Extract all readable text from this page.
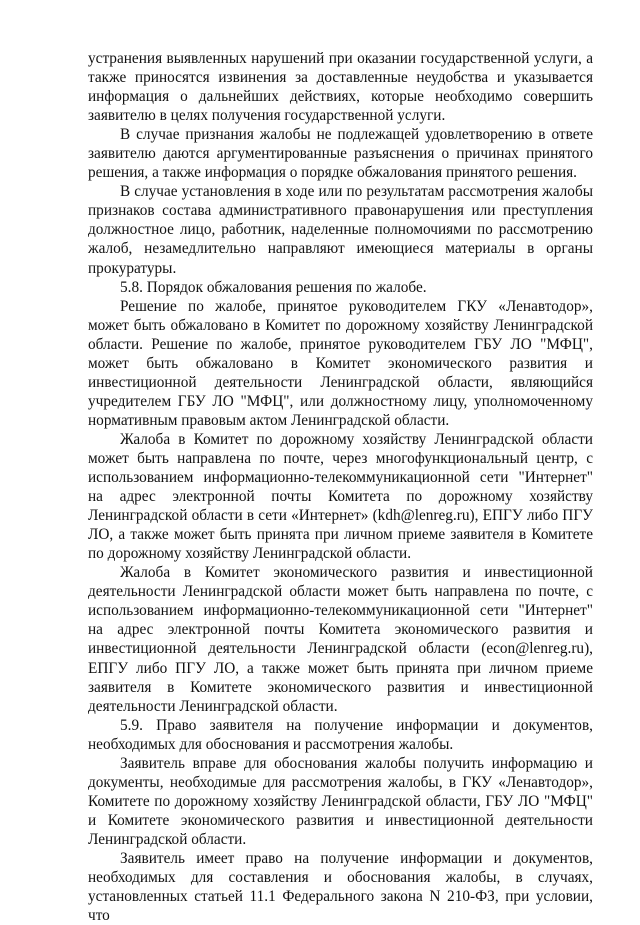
устранения выявленных нарушений при оказании государственной услуги, а также приносятся извинения за доставленные неудобства и указывается информация о дальнейших действиях, которые необходимо совершить заявителю в целях получения государственной услуги.

В случае признания жалобы не подлежащей удовлетворению в ответе заявителю даются аргументированные разъяснения о причинах принятого решения, а также информация о порядке обжалования принятого решения.

В случае установления в ходе или по результатам рассмотрения жалобы признаков состава административного правонарушения или преступления должностное лицо, работник, наделенные полномочиями по рассмотрению жалоб, незамедлительно направляют имеющиеся материалы в органы прокуратуры.

5.8. Порядок обжалования решения по жалобе.

Решение по жалобе, принятое руководителем ГКУ «Ленавтодор», может быть обжаловано в Комитет по дорожному хозяйству Ленинградской области. Решение по жалобе, принятое руководителем ГБУ ЛО "МФЦ", может быть обжаловано в Комитет экономического развития и инвестиционной деятельности Ленинградской области, являющийся учредителем ГБУ ЛО "МФЦ", или должностному лицу, уполномоченному нормативным правовым актом Ленинградской области.

Жалоба в Комитет по дорожному хозяйству Ленинградской области может быть направлена по почте, через многофункциональный центр, с использованием информационно-телекоммуникационной сети "Интернет" на адрес электронной почты Комитета по дорожному хозяйству Ленинградской области в сети «Интернет» (kdh@lenreg.ru), ЕПГУ либо ПГУ ЛО, а также может быть принята при личном приеме заявителя в Комитете по дорожному хозяйству Ленинградской области.

Жалоба в Комитет экономического развития и инвестиционной деятельности Ленинградской области может быть направлена по почте, с использованием информационно-телекоммуникационной сети "Интернет" на адрес электронной почты Комитета экономического развития и инвестиционной деятельности Ленинградской области (econ@lenreg.ru), ЕПГУ либо ПГУ ЛО, а также может быть принята при личном приеме заявителя в Комитете экономического развития и инвестиционной деятельности Ленинградской области.

5.9. Право заявителя на получение информации и документов, необходимых для обоснования и рассмотрения жалобы.

Заявитель вправе для обоснования жалобы получить информацию и документы, необходимые для рассмотрения жалобы, в ГКУ «Ленавтодор», Комитете по дорожному хозяйству Ленинградской области, ГБУ ЛО "МФЦ" и Комитете экономического развития и инвестиционной деятельности Ленинградской области.

Заявитель имеет право на получение информации и документов, необходимых для составления и обоснования жалобы, в случаях, установленных статьей 11.1 Федерального закона N 210-ФЗ, при условии, что
